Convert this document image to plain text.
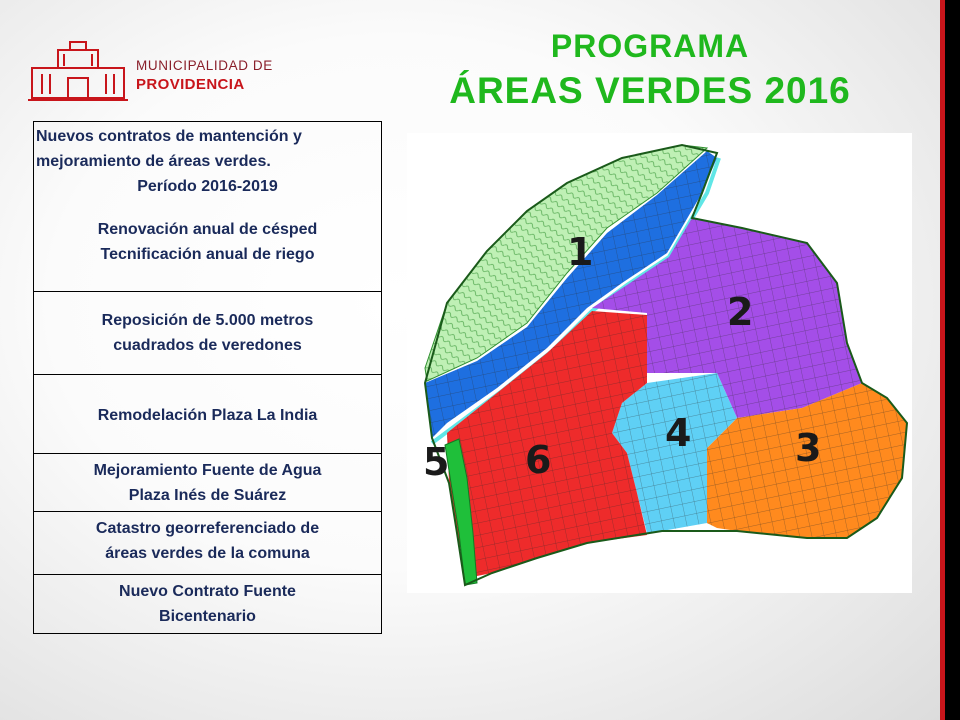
MUNICIPALIDAD DE
PROVIDENCIA
PROGRAMA
ÁREAS VERDES 2016

Nuevos contratos de mantención y

mejoramiento de áreas verdes.

Período 2016-2019

Renovación anual de césped

Tecnificación anual de riego

Reposición de 5.000 metros

cuadrados de veredones

Remodelación Plaza La India

Mejoramiento Fuente de Agua

Plaza Inés de Suárez

Catastro georreferenciado de

áreas verdes de la comuna

Nuevo Contrato Fuente

Bicentenario

1
2
3
4
5 6
